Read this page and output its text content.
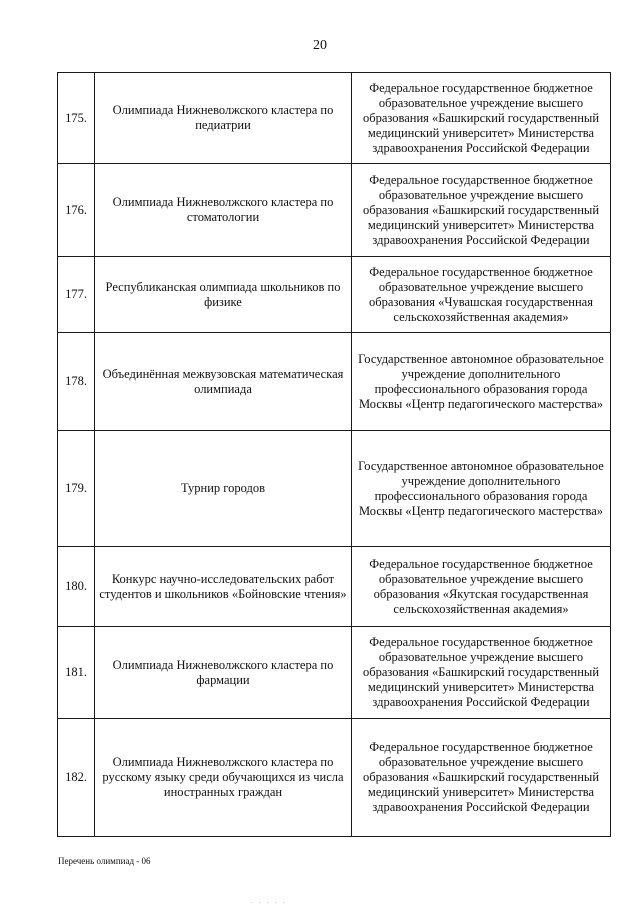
20
175.	Олимпиада Нижневолжского кластера по педиатрии	Федеральное государственное бюджетное образовательное учреждение высшего образования «Башкирский государственный медицинский университет» Министерства здравоохранения Российской Федерации
176.	Олимпиада Нижневолжского кластера по стоматологии	Федеральное государственное бюджетное образовательное учреждение высшего образования «Башкирский государственный медицинский университет» Министерства здравоохранения Российской Федерации
177.	Республиканская олимпиада школьников по физике	Федеральное государственное бюджетное образовательное учреждение высшего образования «Чувашская государственная сельскохозяйственная академия»
178.	Объединённая межвузовская математическая олимпиада	Государственное автономное образовательное учреждение дополнительного профессионального образования города Москвы «Центр педагогического мастерства»
179.	Турнир городов	Государственное автономное образовательное учреждение дополнительного профессионального образования города Москвы «Центр педагогического мастерства»
180.	Конкурс научно-исследовательских работ студентов и школьников «Бойновские чтения»	Федеральное государственное бюджетное образовательное учреждение высшего образования «Якутская государственная сельскохозяйственная академия»
181.	Олимпиада Нижневолжского кластера по фармации	Федеральное государственное бюджетное образовательное учреждение высшего образования «Башкирский государственный медицинский университет» Министерства здравоохранения Российской Федерации
182.	Олимпиада Нижневолжского кластера по русскому языку среди обучающихся из числа иностранных граждан	Федеральное государственное бюджетное образовательное учреждение высшего образования «Башкирский государственный медицинский университет» Министерства здравоохранения Российской Федерации
Перечень олимпиад - 06
· · · · ·
